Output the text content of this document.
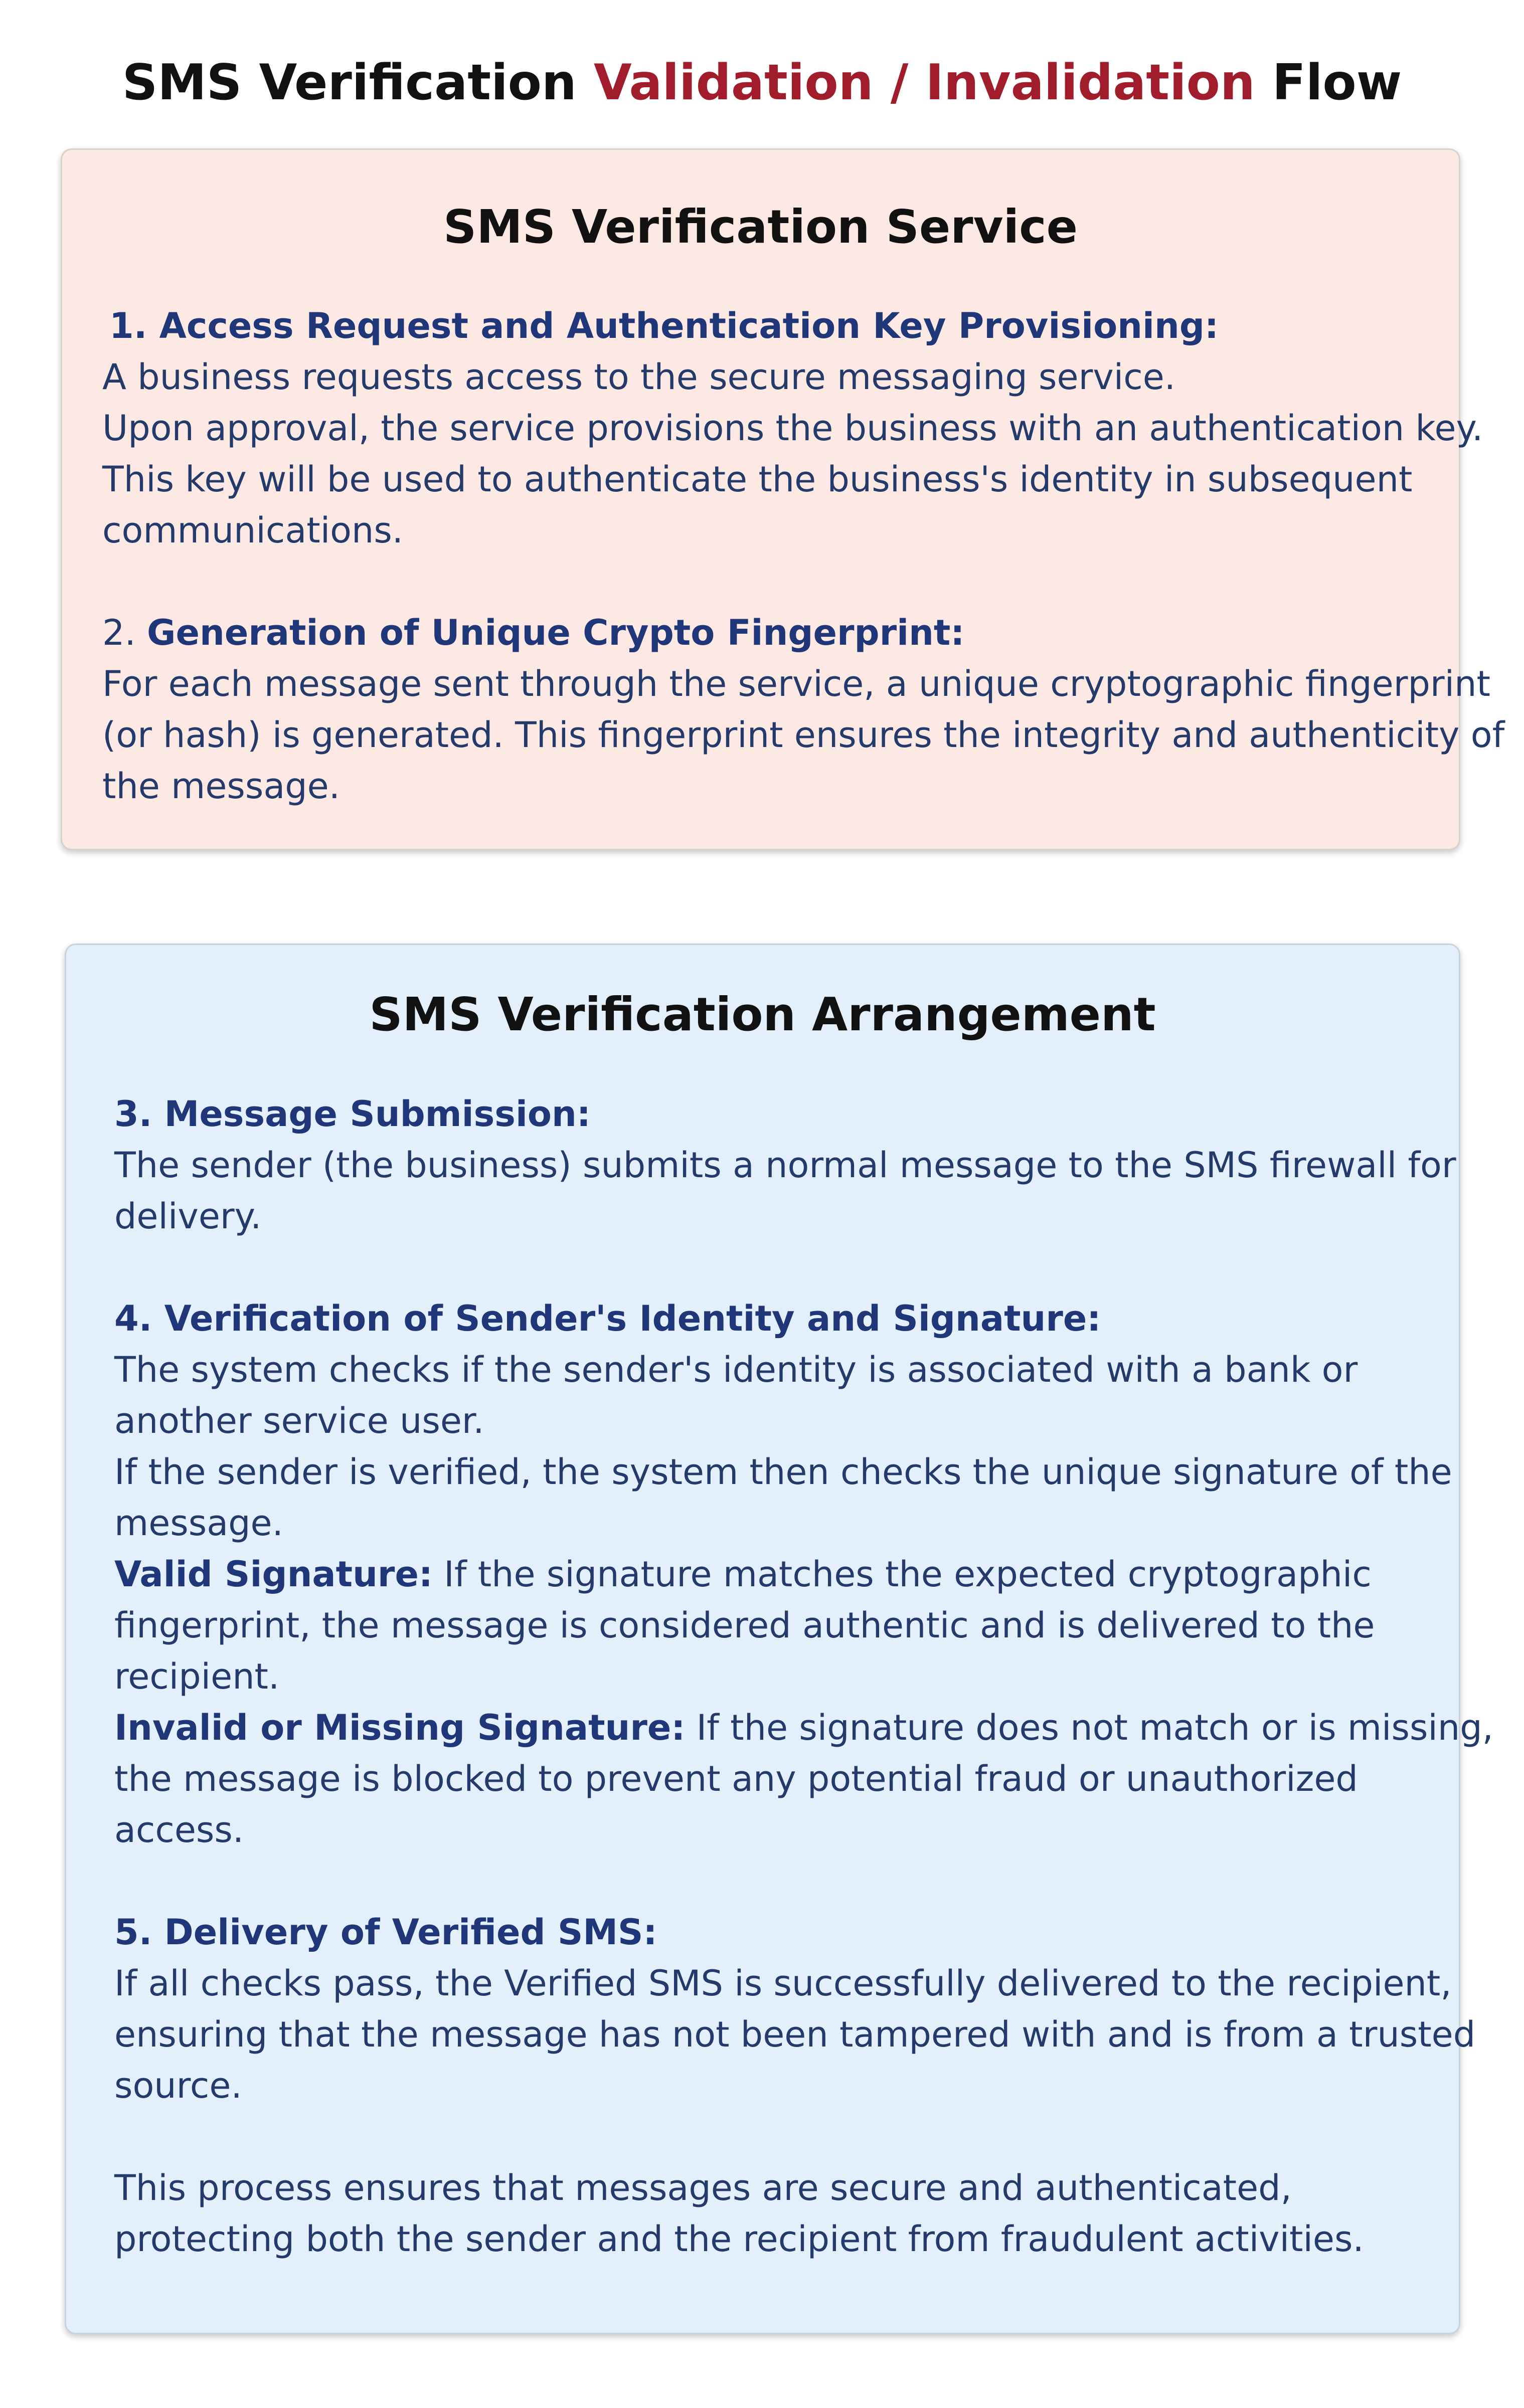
SMS Verification Validation / Invalidation Flow
SMS Verification Service
1. Access Request and Authentication Key Provisioning:
A business requests access to the secure messaging service.
Upon approval, the service provisions the business with an authentication key.
This key will be used to authenticate the business's identity in subsequent
communications.
2. Generation of Unique Crypto Fingerprint:
For each message sent through the service, a unique cryptographic fingerprint
(or hash) is generated. This fingerprint ensures the integrity and authenticity of
the message.
SMS Verification Arrangement
3. Message Submission:
The sender (the business) submits a normal message to the SMS firewall for
delivery.
4. Verification of Sender's Identity and Signature:
The system checks if the sender's identity is associated with a bank or
another service user.
If the sender is verified, the system then checks the unique signature of the
message.
Valid Signature: If the signature matches the expected cryptographic
fingerprint, the message is considered authentic and is delivered to the
recipient.
Invalid or Missing Signature: If the signature does not match or is missing,
the message is blocked to prevent any potential fraud or unauthorized
access.
5. Delivery of Verified SMS:
If all checks pass, the Verified SMS is successfully delivered to the recipient,
ensuring that the message has not been tampered with and is from a trusted
source.
This process ensures that messages are secure and authenticated,
protecting both the sender and the recipient from fraudulent activities.
